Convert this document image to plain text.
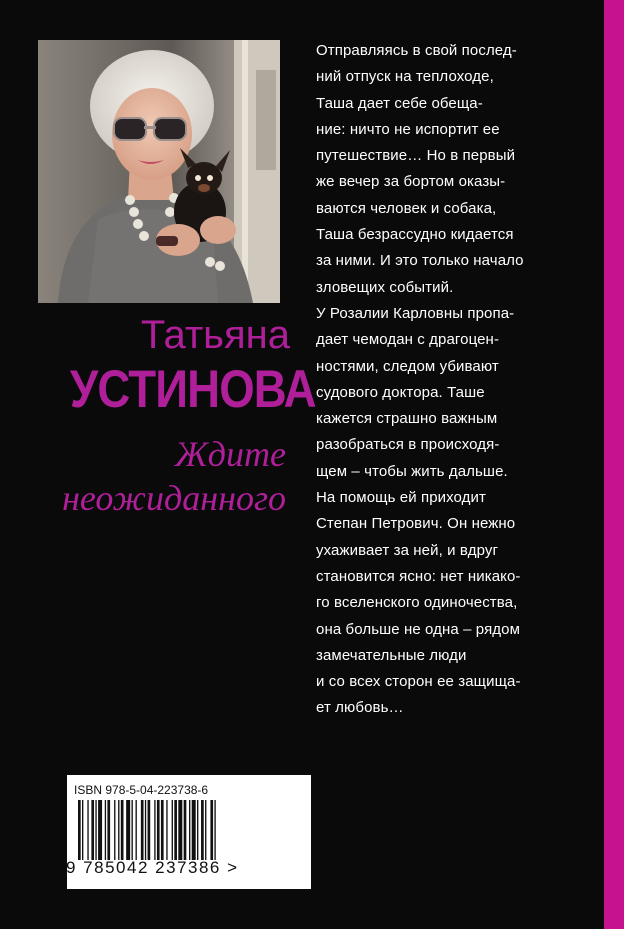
Татьяна
УСТИНОВА
Ждите
неожиданного
Отправляясь в свой послед-
ний отпуск на теплоходе,
Таша дает себе обеща-
ние: ничто не испортит ее
путешествие… Но в первый
же вечер за бортом оказы-
ваются человек и собака,
Таша безрассудно кидается
за ними. И это только начало
зловещих событий.
У Розалии Карловны пропа-
дает чемодан с драгоцен-
ностями, следом убивают
судового доктора. Таше
кажется страшно важным
разобраться в происходя-
щем – чтобы жить дальше.
На помощь ей приходит
Степан Петрович. Он нежно
ухаживает за ней, и вдруг
становится ясно: нет никако-
го вселенского одиночества,
она больше не одна – рядом
замечательные люди
и со всех сторон ее защища-
ет любовь…
ISBN 978-5-04-223738-6
9 785042 237386 >	ЭКСМО
